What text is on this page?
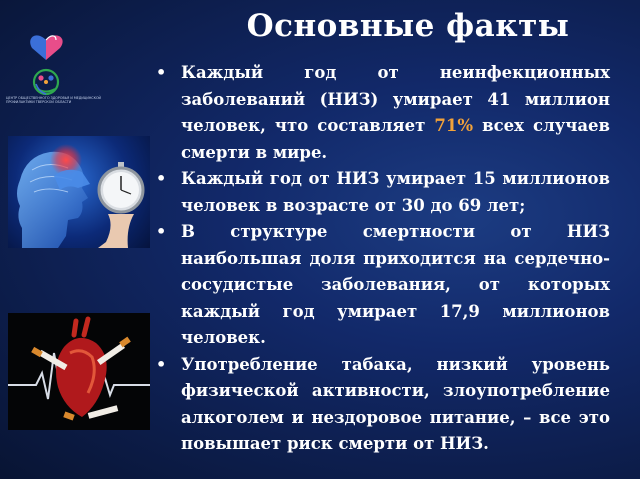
ЦЕНТР ОБЩЕСТВЕННОГО ЗДОРОВЬЯ И МЕДИЦИНСКОЙ ПРОФИЛАКТИКИ ТВЕРСКОЙ ОБЛАСТИ
Основные факты
• Каждый год от неинфекционных заболеваний (НИЗ) умирает 41 миллион человек, что составляет 71% всех случаев смерти в мире.
• Каждый год от НИЗ умирает 15 миллионов человек в возрасте от 30 до 69 лет;
• В структуре смертности от НИЗ наибольшая доля приходится на сердечно-сосудистые заболевания, от которых каждый год умирает 17,9 миллионов человек.
• Употребление табака, низкий уровень физической активности, злоупотребление алкоголем и нездоровое питание, – все это повышает риск смерти от НИЗ.
